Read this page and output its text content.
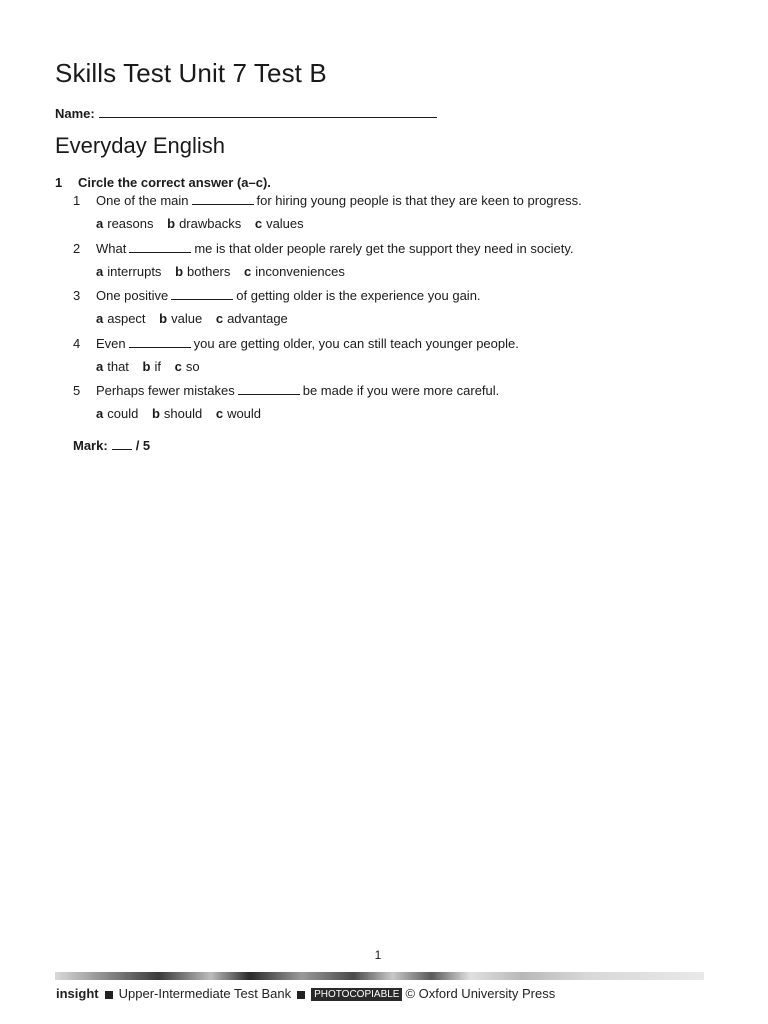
Skills Test Unit 7 Test B
Name:
Everyday English
1 Circle the correct answer (a–c).
1 One of the main	for hiring young people is that they are keen to progress.
a reasons b drawbacks c values
2 What	me is that older people rarely get the support they need in society.
a interrupts b bothers c inconveniences
3 One positive	of getting older is the experience you gain.
a aspect b value c advantage
4 Even	you are getting older, you can still teach younger people.
a that b if c so
5 Perhaps fewer mistakes	be made if you were more careful.
a could b should c would
Mark: / 5
1
insight Upper-Intermediate Test Bank PHOTOCOPIABLE © Oxford University Press
